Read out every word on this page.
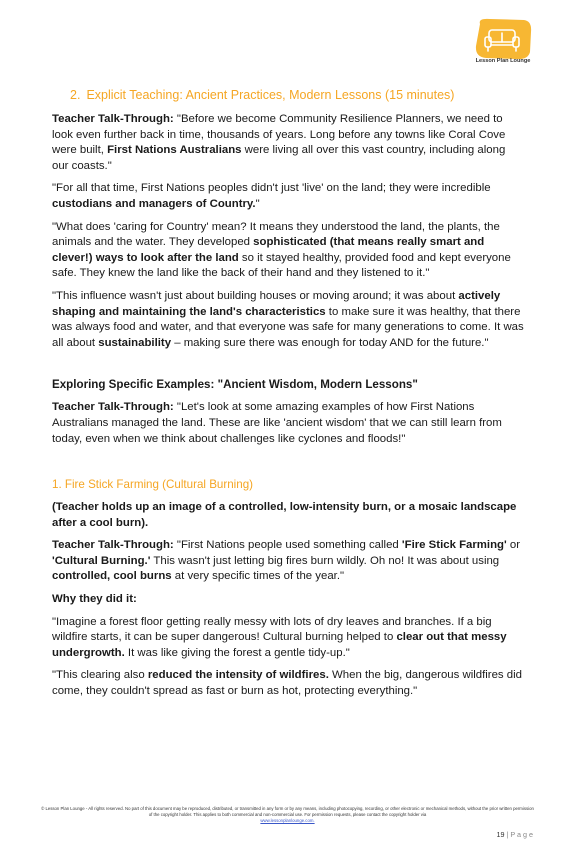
Lesson Plan Lounge
2. Explicit Teaching: Ancient Practices, Modern Lessons (15 minutes)

Teacher Talk-Through: "Before we become Community Resilience Planners, we need to look even further back in time, thousands of years. Long before any towns like Coral Cove were built, First Nations Australians were living all over this vast country, including along our coasts."

"For all that time, First Nations peoples didn't just 'live' on the land; they were incredible custodians and managers of Country."

"What does 'caring for Country' mean? It means they understood the land, the plants, the animals and the water. They developed sophisticated (that means really smart and clever!) ways to look after the land so it stayed healthy, provided food and kept everyone safe. They knew the land like the back of their hand and they listened to it."

"This influence wasn't just about building houses or moving around; it was about actively shaping and maintaining the land's characteristics to make sure it was healthy, that there was always food and water, and that everyone was safe for many generations to come. It was all about sustainability – making sure there was enough for today AND for the future."

Exploring Specific Examples: "Ancient Wisdom, Modern Lessons"

Teacher Talk-Through: "Let's look at some amazing examples of how First Nations Australians managed the land. These are like 'ancient wisdom' that we can still learn from today, even when we think about challenges like cyclones and floods!"

1. Fire Stick Farming (Cultural Burning)

(Teacher holds up an image of a controlled, low-intensity burn, or a mosaic landscape after a cool burn).

Teacher Talk-Through: "First Nations people used something called 'Fire Stick Farming' or 'Cultural Burning.' This wasn't just letting big fires burn wildly. Oh no! It was about using controlled, cool burns at very specific times of the year."

Why they did it:

"Imagine a forest floor getting really messy with lots of dry leaves and branches. If a big wildfire starts, it can be super dangerous! Cultural burning helped to clear out that messy undergrowth. It was like giving the forest a gentle tidy-up."

"This clearing also reduced the intensity of wildfires. When the big, dangerous wildfires did come, they couldn't spread as fast or burn as hot, protecting everything."

© Lesson Plan Lounge - All rights reserved. No part of this document may be reproduced, distributed, or transmitted in any form or by any means, including photocopying, recording, or other electronic or mechanical methods, without the prior written permission of the copyright holder. This applies to both commercial and non-commercial use. For permission requests, please contact the copyright holder via
www.lessonplanlounge.com.
19 | P a g e
